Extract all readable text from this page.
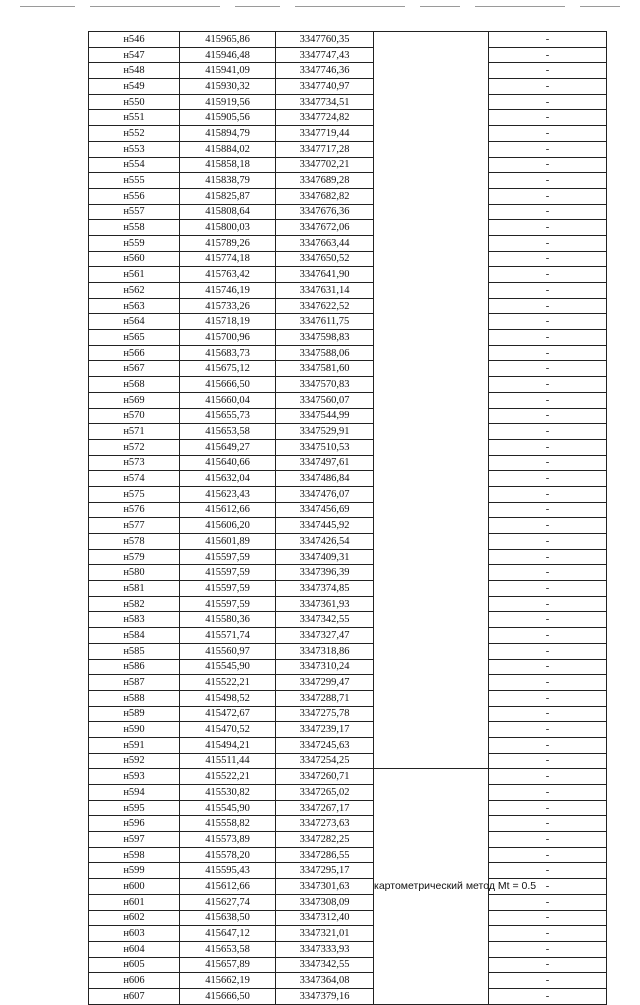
н546	415965,86	3347760,35		-
н547	415946,48	3347747,43		-
н548	415941,09	3347746,36		-
н549	415930,32	3347740,97		-
н550	415919,56	3347734,51		-
н551	415905,56	3347724,82		-
н552	415894,79	3347719,44		-
н553	415884,02	3347717,28		-
н554	415858,18	3347702,21		-
н555	415838,79	3347689,28		-
н556	415825,87	3347682,82		-
н557	415808,64	3347676,36		-
н558	415800,03	3347672,06		-
н559	415789,26	3347663,44		-
н560	415774,18	3347650,52		-
н561	415763,42	3347641,90		-
н562	415746,19	3347631,14		-
н563	415733,26	3347622,52		-
н564	415718,19	3347611,75		-
н565	415700,96	3347598,83		-
н566	415683,73	3347588,06		-
н567	415675,12	3347581,60		-
н568	415666,50	3347570,83		-
н569	415660,04	3347560,07		-
н570	415655,73	3347544,99		-
н571	415653,58	3347529,91		-
н572	415649,27	3347510,53		-
н573	415640,66	3347497,61		-
н574	415632,04	3347486,84		-
н575	415623,43	3347476,07		-
н576	415612,66	3347456,69		-
н577	415606,20	3347445,92		-
н578	415601,89	3347426,54		-
н579	415597,59	3347409,31		-
н580	415597,59	3347396,39		-
н581	415597,59	3347374,85		-
н582	415597,59	3347361,93		-
н583	415580,36	3347342,55		-
н584	415571,74	3347327,47		-
н585	415560,97	3347318,86		-
н586	415545,90	3347310,24		-
н587	415522,21	3347299,47		-
н588	415498,52	3347288,71		-
н589	415472,67	3347275,78		-
н590	415470,52	3347239,17		-
н591	415494,21	3347245,63		-
н592	415511,44	3347254,25		-
н593	415522,21	3347260,71	картометрический метод Mt = 0.5	-
н594	415530,82	3347265,02		-
н595	415545,90	3347267,17		-
н596	415558,82	3347273,63		-
н597	415573,89	3347282,25		-
н598	415578,20	3347286,55		-
н599	415595,43	3347295,17		-
н600	415612,66	3347301,63		-
н601	415627,74	3347308,09		-
н602	415638,50	3347312,40		-
н603	415647,12	3347321,01		-
н604	415653,58	3347333,93		-
н605	415657,89	3347342,55		-
н606	415662,19	3347364,08		-
н607	415666,50	3347379,16		-
